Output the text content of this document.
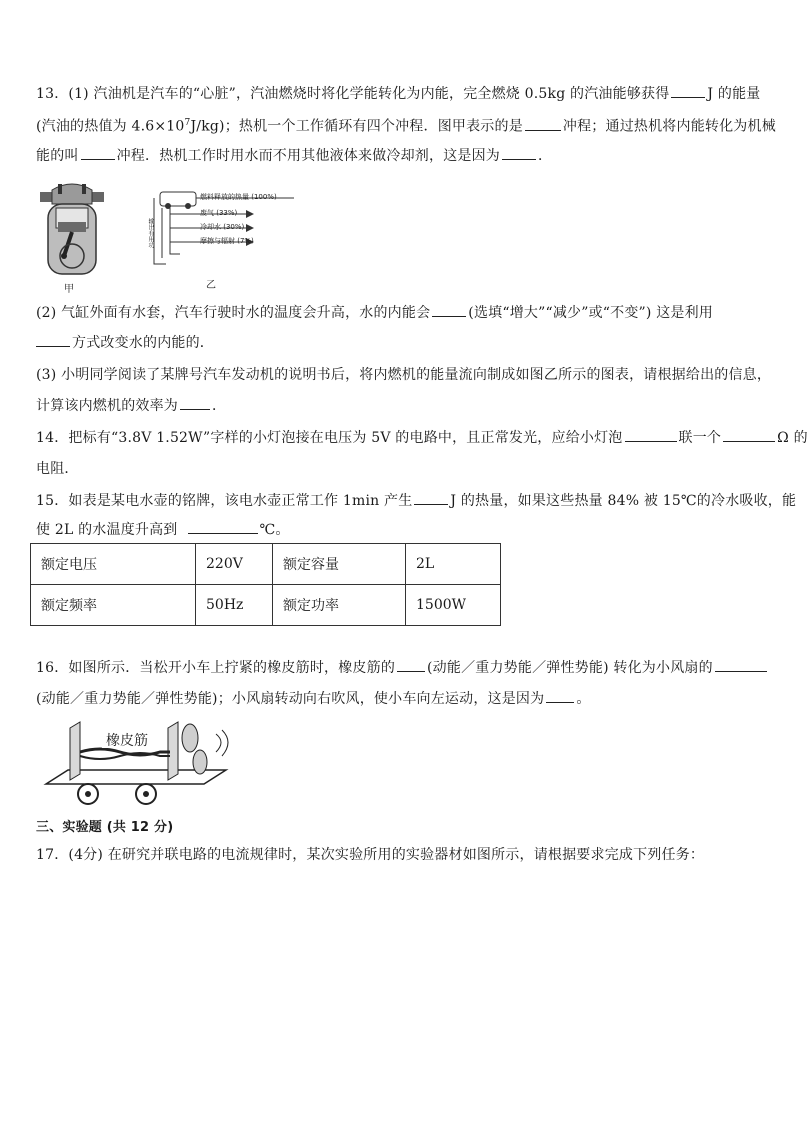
13．(1) 汽油机是汽车的“心脏”，汽油燃烧时将化学能转化为内能，完全燃烧 0.5kg 的汽油能够获得	J 的能量
(汽油的热值为 $4.6\times 10^7J/kg$)；热机一个工作循环有四个冲程．图甲表示的是	冲程；通过热机将内能转化为机械
能的叫	冲程．热机工作时用水而不用其他液体来做冷却剂，这是因为	．
甲
燃料释放的热量 (100%)
废气 (33%)
冷却水 (30%)
摩擦与辐射 (7%)
输出有用功
乙
(2) 气缸外面有水套，汽车行驶时水的温度会升高，水的内能会	(选填“增大”“减少”或“不变”) 这是利用
方式改变水的内能的．
(3) 小明同学阅读了某牌号汽车发动机的说明书后，将内燃机的能量流向制成如图乙所示的图表，请根据给出的信息，
计算该内燃机的效率为 ．
14．把标有“3.8V 1.52W”字样的小灯泡接在电压为 5V 的电路中，且正常发光，应给小灯泡	联一个	Ω 的
电阻．
15．如表是某电水壶的铭牌，该电水壶正常工作 1min 产生	J 的热量，如果这些热量 84% 被 15℃的冷水吸收，能
使 2L 的水温度升高到	℃。
额定电压	220V	额定容量	2L
额定频率	50Hz	额定功率	1500W
16．如图所示．当松开小车上拧紧的橡皮筋时，橡皮筋的 (动能／重力势能／弹性势能) 转化为小风扇的
(动能／重力势能／弹性势能)；小风扇转动向右吹风，使小车向左运动，这是因为 。
橡皮筋
三、实验题 (共 12 分)
17．(4分) 在研究并联电路的电流规律时，某次实验所用的实验器材如图所示，请根据要求完成下列任务：
